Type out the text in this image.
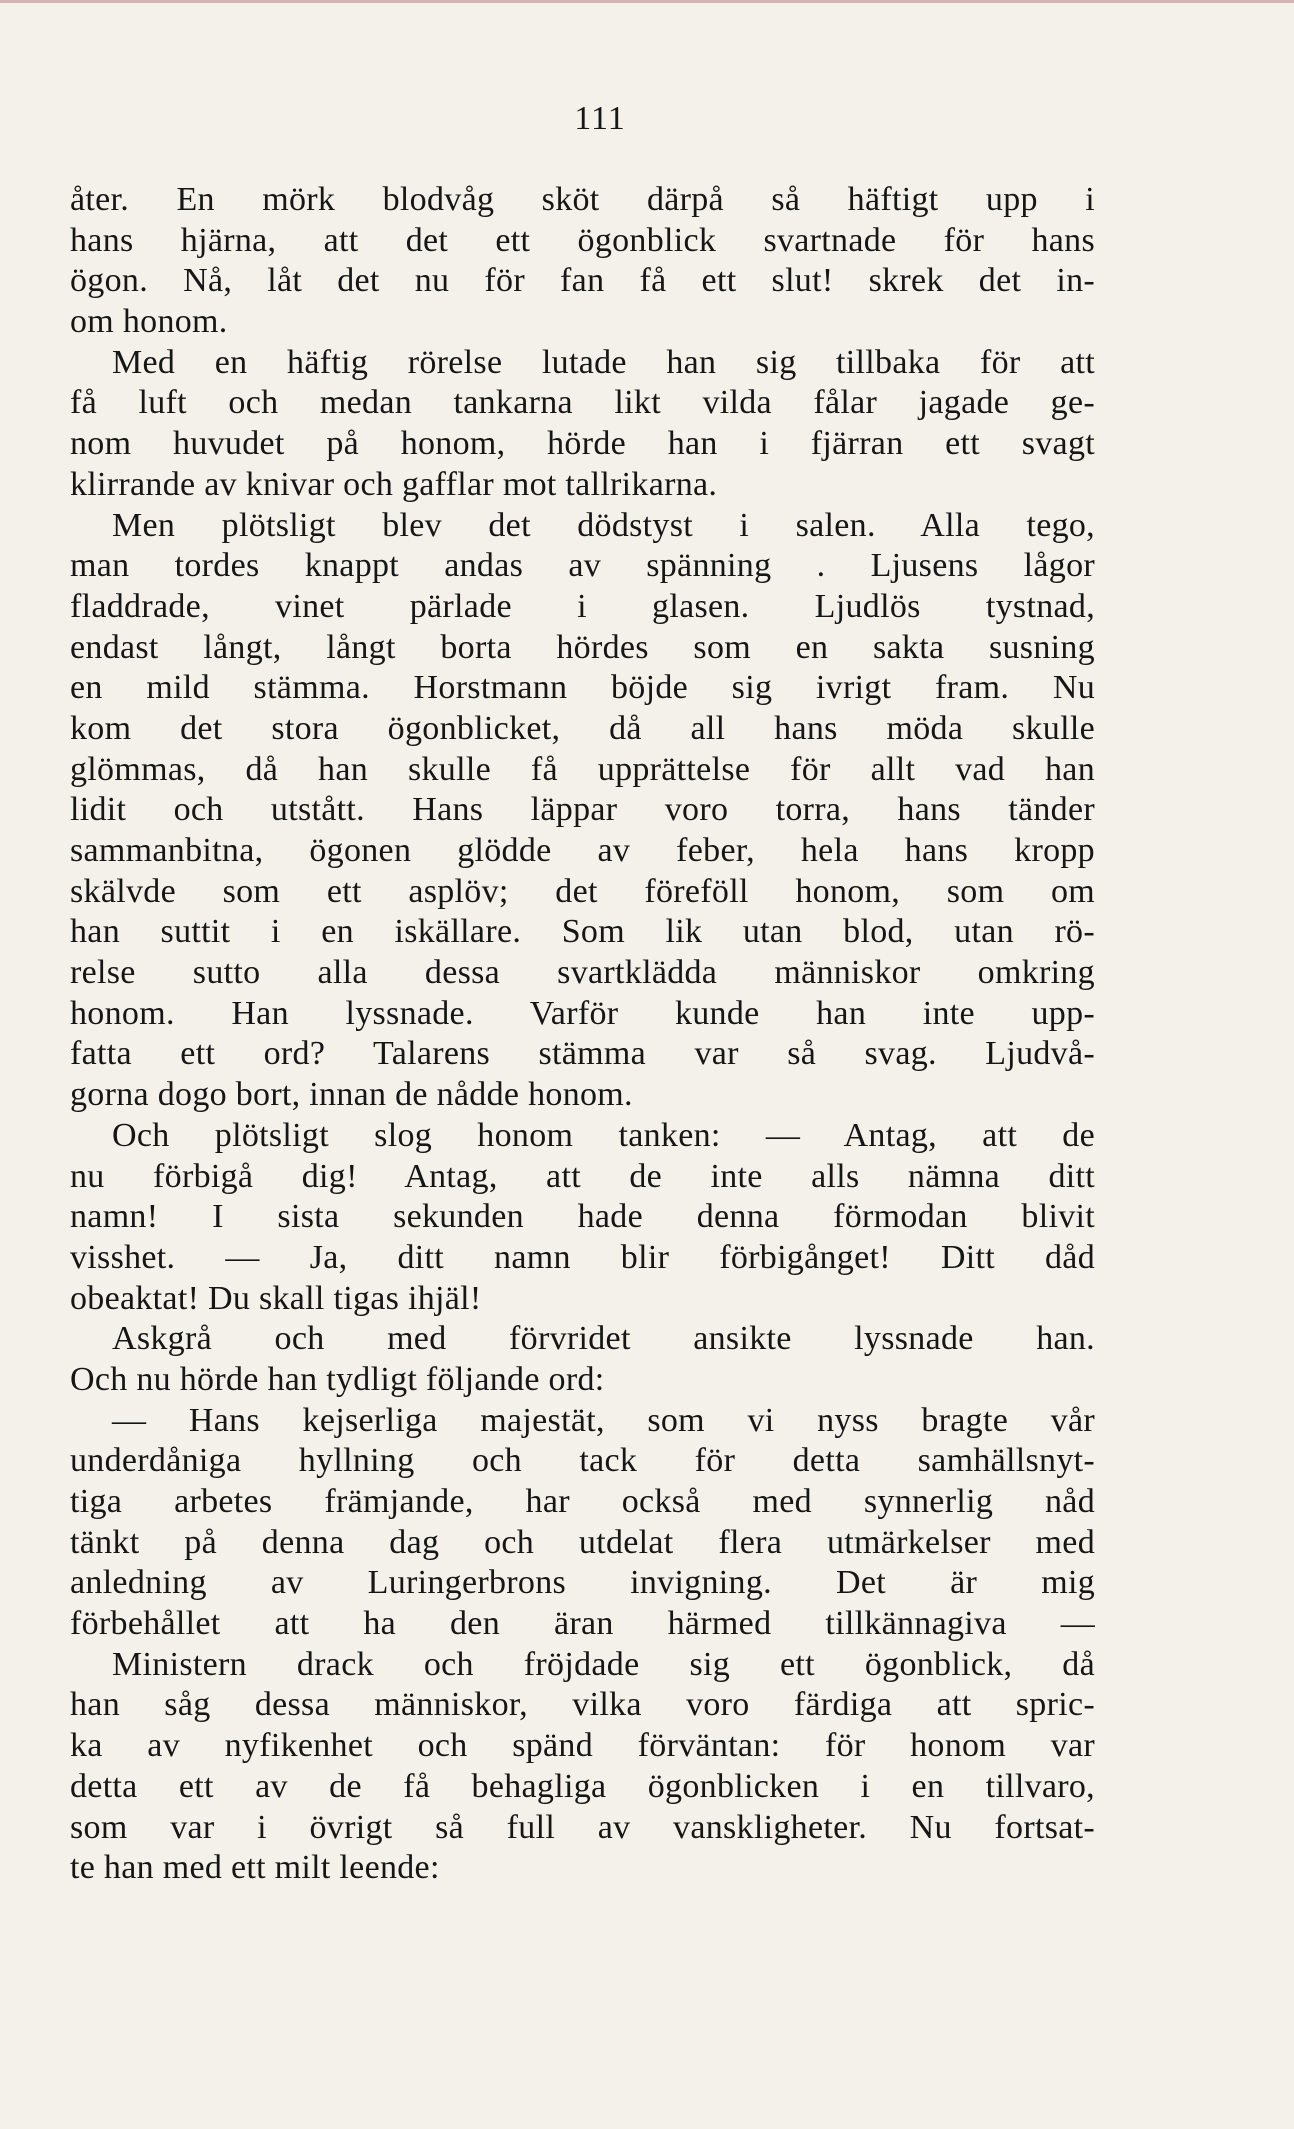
111
åter. En mörk blodvåg sköt därpå så häftigt upp i
hans hjärna, att det ett ögonblick svartnade för hans
ögon. Nå, låt det nu för fan få ett slut! skrek det in-
om honom.
Med en häftig rörelse lutade han sig tillbaka för att
få luft och medan tankarna likt vilda fålar jagade ge-
nom huvudet på honom, hörde han i fjärran ett svagt
klirrande av knivar och gafflar mot tallrikarna.
Men plötsligt blev det dödstyst i salen. Alla tego,
man tordes knappt andas av spänning . Ljusens lågor
fladdrade, vinet pärlade i glasen. Ljudlös tystnad,
endast långt, långt borta hördes som en sakta susning
en mild stämma. Horstmann böjde sig ivrigt fram. Nu
kom det stora ögonblicket, då all hans möda skulle
glömmas, då han skulle få upprättelse för allt vad han
lidit och utstått. Hans läppar voro torra, hans tänder
sammanbitna, ögonen glödde av feber, hela hans kropp
skälvde som ett asplöv; det föreföll honom, som om
han suttit i en iskällare. Som lik utan blod, utan rö-
relse sutto alla dessa svartklädda människor omkring
honom. Han lyssnade. Varför kunde han inte upp-
fatta ett ord? Talarens stämma var så svag. Ljudvå-
gorna dogo bort, innan de nådde honom.
Och plötsligt slog honom tanken: — Antag, att de
nu förbigå dig! Antag, att de inte alls nämna ditt
namn! I sista sekunden hade denna förmodan blivit
visshet. — Ja, ditt namn blir förbigånget! Ditt dåd
obeaktat! Du skall tigas ihjäl!
Askgrå och med förvridet ansikte lyssnade han.
Och nu hörde han tydligt följande ord:
— Hans kejserliga majestät, som vi nyss bragte vår
underdåniga hyllning och tack för detta samhällsnyt-
tiga arbetes främjande, har också med synnerlig nåd
tänkt på denna dag och utdelat flera utmärkelser med
anledning av Luringerbrons invigning. Det är mig
förbehållet att ha den äran härmed tillkännagiva —
Ministern drack och fröjdade sig ett ögonblick, då
han såg dessa människor, vilka voro färdiga att spric-
ka av nyfikenhet och spänd förväntan: för honom var
detta ett av de få behagliga ögonblicken i en tillvaro,
som var i övrigt så full av vanskligheter. Nu fortsat-
te han med ett milt leende:
